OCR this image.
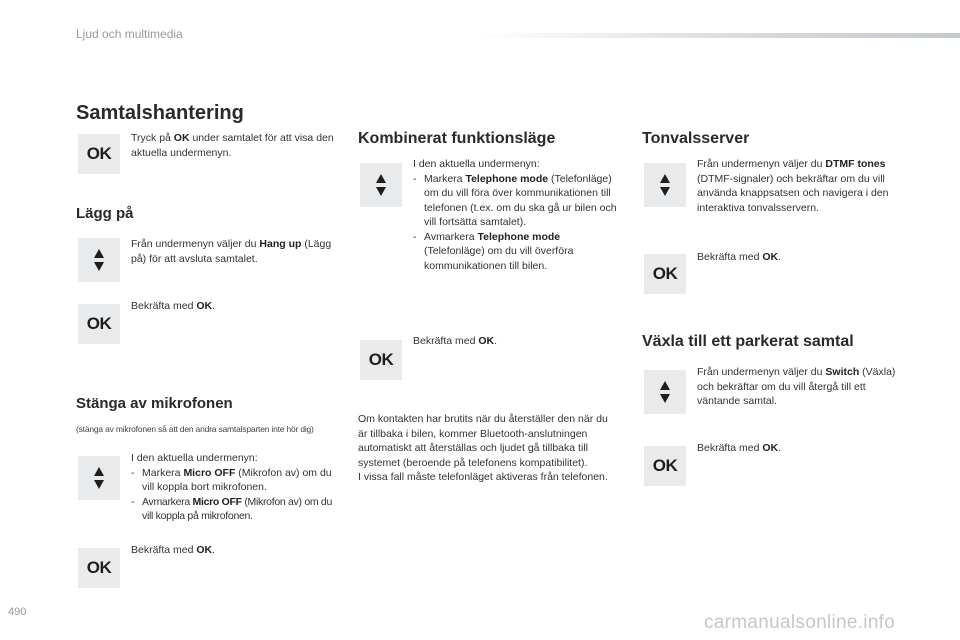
Ljud och multimedia
Samtalshantering
OK
Tryck på OK under samtalet för att visa den aktuella undermenyn.
Lägg på
Från undermenyn väljer du Hang up (Lägg på) för att avsluta samtalet.
OK
Bekräfta med OK.
Stänga av mikrofonen
(stänga av mikrofonen så att den andra samtalsparten inte hör dig)
I den aktuella undermenyn:
- Markera Micro OFF (Mikrofon av) om du vill koppla bort mikrofonen.
- Avmarkera Micro OFF (Mikrofon av) om du vill koppla på mikrofonen.
OK
Bekräfta med OK.
Kombinerat funktionsläge
I den aktuella undermenyn:
- Markera Telephone mode (Telefonläge) om du vill föra över kommunikationen till telefonen (t.ex. om du ska gå ur bilen och vill fortsätta samtalet).
- Avmarkera Telephone mode (Telefonläge) om du vill överföra kommunikationen till bilen.
OK
Bekräfta med OK.
Om kontakten har brutits när du återställer den när du är tillbaka i bilen, kommer Bluetooth-anslutningen automatiskt att återställas och ljudet gå tillbaka till systemet (beroende på telefonens kompatibilitet).
I vissa fall måste telefonläget aktiveras från telefonen.
Tonvalsserver
Från undermenyn väljer du DTMF tones (DTMF-signaler) och bekräftar om du vill använda knappsatsen och navigera i den interaktiva tonvalsservern.
OK
Bekräfta med OK.
Växla till ett parkerat samtal
Från undermenyn väljer du Switch (Växla) och bekräftar om du vill återgå till ett väntande samtal.
OK
Bekräfta med OK.
490	carmanualsonline.info
